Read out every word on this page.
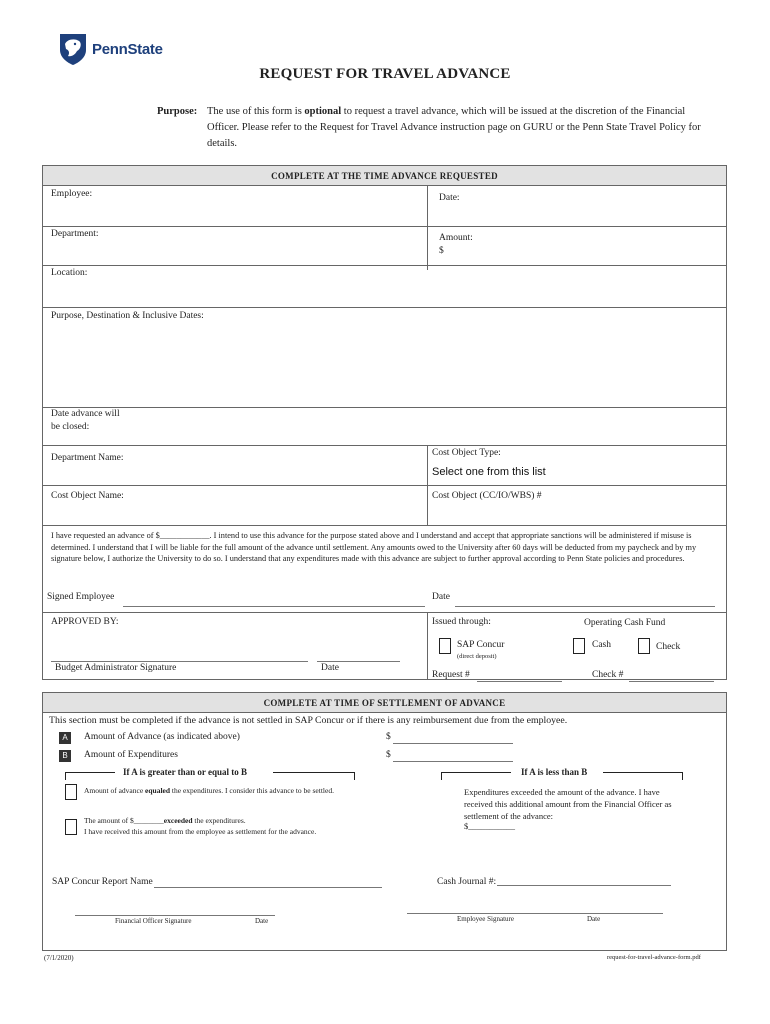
PennState
REQUEST FOR TRAVEL ADVANCE
Purpose: The use of this form is optional to request a travel advance, which will be issued at the discretion of the Financial Officer. Please refer to the Request for Travel Advance instruction page on GURU or the Penn State Travel Policy for details.
COMPLETE AT THE TIME ADVANCE REQUESTED
Employee:	Date:
Department:	Amount:
$
Location:
Purpose, Destination & Inclusive Dates:
Date advance will
be closed:
Department Name:	Cost Object Type:
Select one from this list
Cost Object Name:	Cost Object (CC/IO/WBS) #
I have requested an advance of $____________. I intend to use this advance for the purpose stated above and I understand and accept that appropriate sanctions will be administered if misuse is determined. I understand that I will be liable for the full amount of the advance until settlement. Any amounts owed to the University after 60 days will be deducted from my paycheck and by my signature below, I authorize the University to do so. I understand that any expenditures made with this advance are subject to further approval according to Penn State policies and procedures.
Signed Employee	Date
APPROVED BY:
Budget Administrator Signature	Date
Issued through:	Operating Cash Fund
SAP Concur
(direct deposit)
Cash	Check
Request #	Check #
COMPLETE AT TIME OF SETTLEMENT OF ADVANCE
This section must be completed if the advance is not settled in SAP Concur or if there is any reimbursement due from the employee.
A	Amount of Advance (as indicated above)	$
B	Amount of Expenditures	$
If A is greater than or equal to B
Amount of advance equaled the expenditures. I consider this advance to be settled.
The amount of $________exceeded the expenditures.
I have received this amount from the employee as settlement for the advance.
If A is less than B
Expenditures exceeded the amount of the advance. I have received this additional amount from the Financial Officer as settlement of the advance:
$___________
SAP Concur Report Name	Cash Journal #:
Financial Officer Signature	Date	Employee Signature	Date
(7/1/2020)	request-for-travel-advance-form.pdf
